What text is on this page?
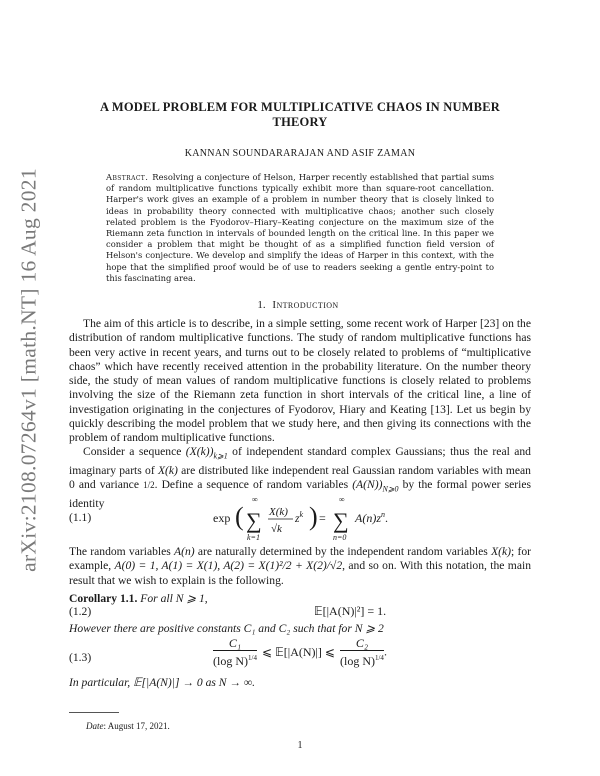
arXiv:2108.07264v1 [math.NT] 16 Aug 2021
A MODEL PROBLEM FOR MULTIPLICATIVE CHAOS IN NUMBER
THEORY
KANNAN SOUNDARARAJAN AND ASIF ZAMAN
Abstract. Resolving a conjecture of Helson, Harper recently established that partial sums of random multiplicative functions typically exhibit more than square-root cancellation. Harper's work gives an example of a problem in number theory that is closely linked to ideas in probability theory connected with multiplicative chaos; another such closely related problem is the Fyodorov–Hiary–Keating conjecture on the maximum size of the Riemann zeta function in intervals of bounded length on the critical line. In this paper we consider a problem that might be thought of as a simplified function field version of Helson's conjecture. We develop and simplify the ideas of Harper in this context, with the hope that the simplified proof would be of use to readers seeking a gentle entry-point to this fascinating area.
1. Introduction

The aim of this article is to describe, in a simple setting, some recent work of Harper [23] on the distribution of random multiplicative functions. The study of random multiplicative functions has been very active in recent years, and turns out to be closely related to problems of “multiplicative chaos” which have recently received attention in the probability literature. On the number theory side, the study of mean values of random multiplicative functions is closely related to problems involving the size of the Riemann zeta function in short intervals of the critical line, a line of investigation originating in the conjectures of Fyodorov, Hiary and Keating [13]. Let us begin by quickly describing the model problem that we study here, and then giving its connections with the problem of random multiplicative functions.

Consider a sequence $(X(k))_{k⩾1}$ of independent standard complex Gaussians; thus the real and imaginary parts of X(k) are distributed like independent real Gaussian random variables with mean 0 and variance 1/2. Define a sequence of random variables $(A(N))_{N⩾0}$ by the formal power series identity

(1.1)	exp (
∞
∑
k=1
X(k)
√k
$z^k$ ) =
∞
∑
n=0
$A(n)z^n$.

The random variables A(n) are naturally determined by the independent random variables X(k); for example, A(0) = 1, A(1) = X(1), A(2) = X(1)²/2 + X(2)/√2, and so on. With this notation, the main result that we wish to explain is the following.

Corollary 1.1. For all N ⩾ 1,
(1.2)	𝔼[|A(N)|²] = 1.
However there are positive constants C₁ and C₂ such that for N ⩾ 2
(1.3)	$\frac{\text{C₁}}{(\log N)^{1/4}}$ ⩽ 𝔼[|A(N)|] ⩽ $\frac{\text{C₂}}{(\log N)^{1/4}}$ .
In particular, 𝔼[|A(N)|] → 0 as N → ∞.
Date: August 17, 2021.
1
